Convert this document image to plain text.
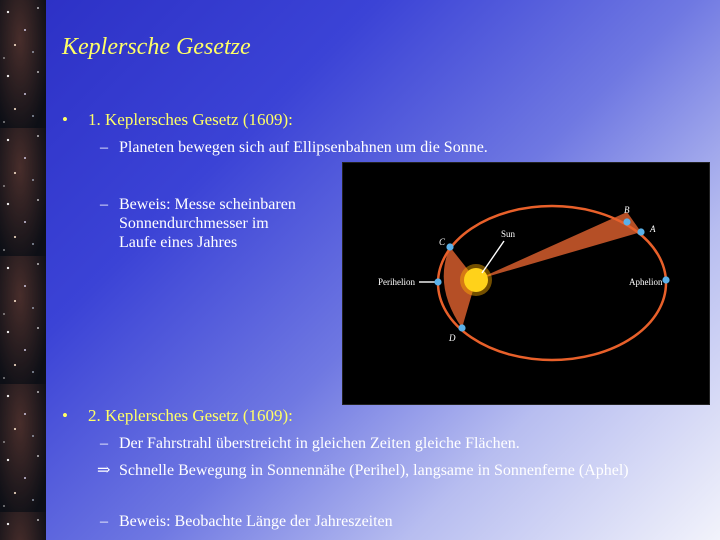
Keplersche Gesetze
• 1. Keplersches Gesetz (1609):
– Planeten bewegen sich auf Ellipsenbahnen um die Sonne.
– Beweis: Messe scheinbaren
Sonnendurchmesser im
Laufe eines Jahres	Sun
Perihelion	Aphelion
B
A
C
D
• 2. Keplersches Gesetz (1609):
– Der Fahrstrahl überstreicht in gleichen Zeiten gleiche Flächen.
⇒ Schnelle Bewegung in Sonnennähe (Perihel), langsame in Sonnenferne (Aphel)
– Beweis: Beobachte Länge der Jahreszeiten
